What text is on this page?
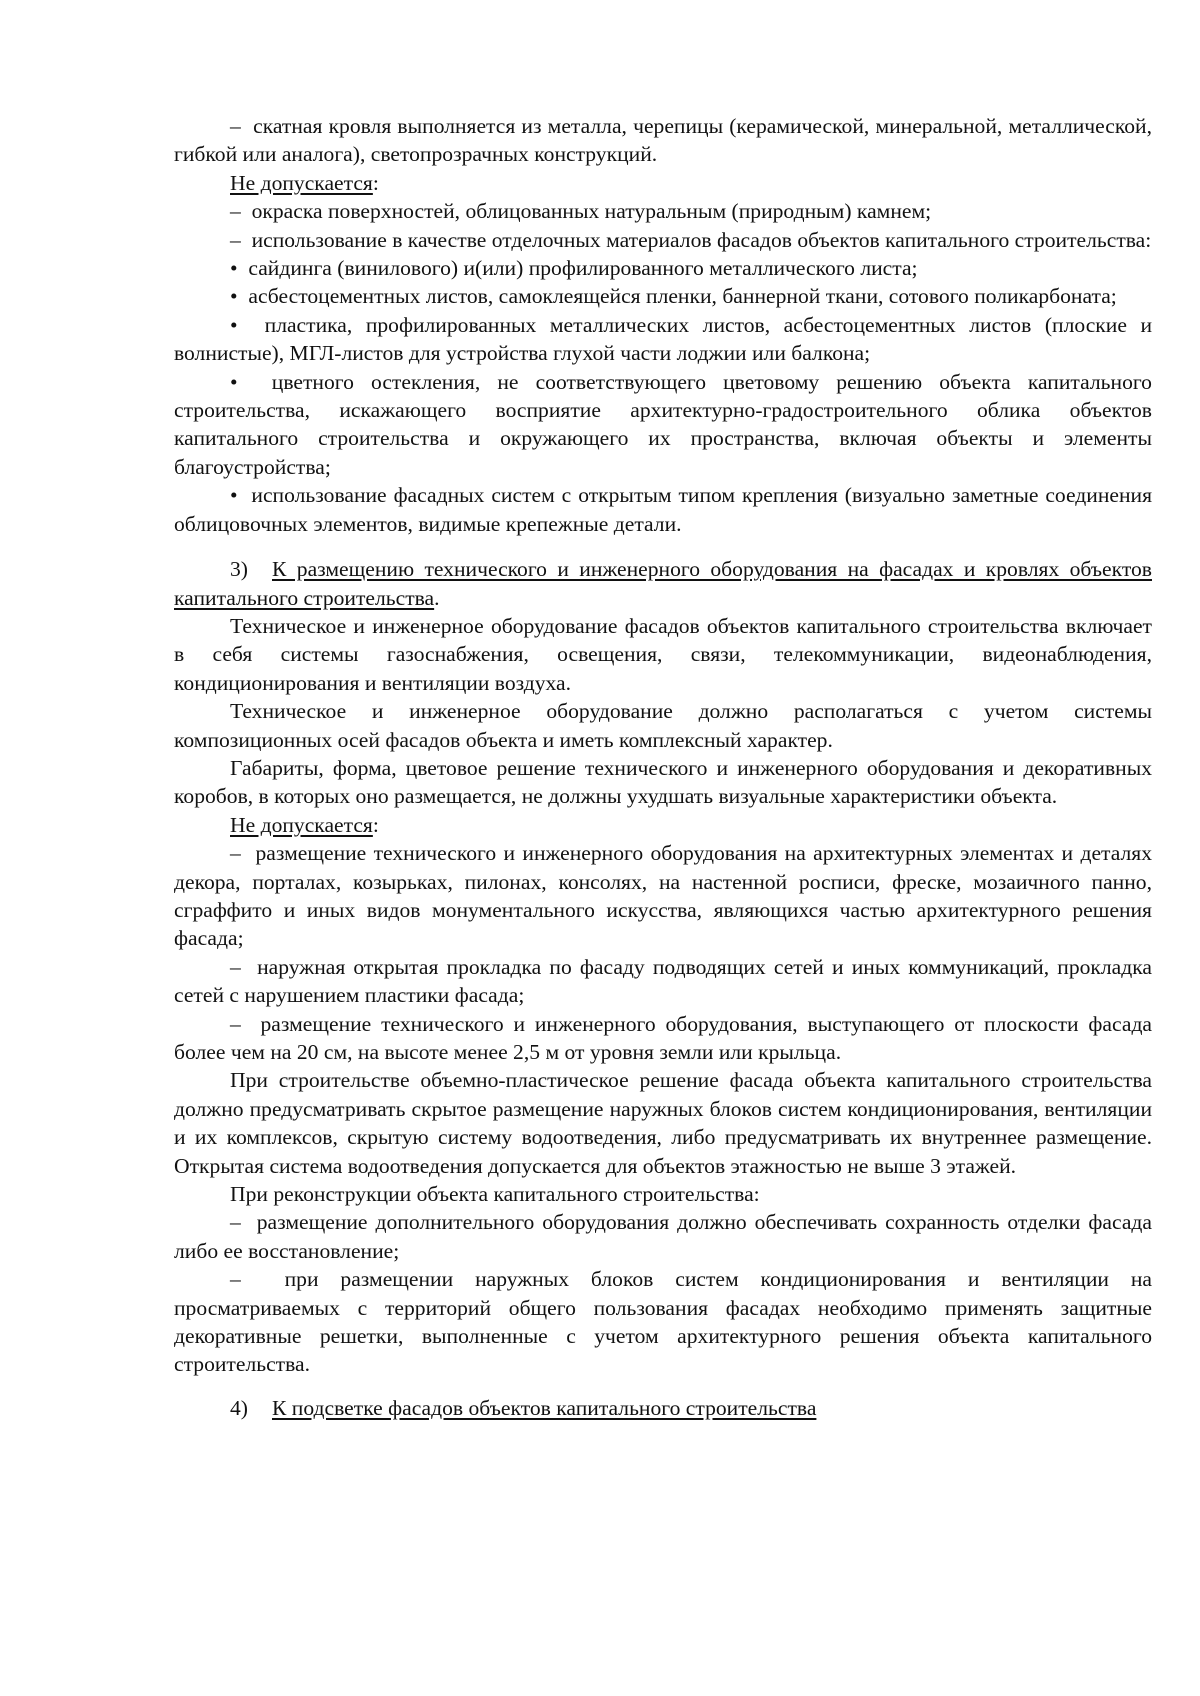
–  скатная кровля выполняется из металла, черепицы (керамической, минеральной, металлической, гибкой или аналога), светопрозрачных конструкций.

Не допускается:

–  окраска поверхностей, облицованных натуральным (природным) камнем;

–  использование в качестве отделочных материалов фасадов объектов капитального строительства:

•  сайдинга (винилового) и(или) профилированного металлического листа;

•  асбестоцементных листов, самоклеящейся пленки, баннерной ткани, сотового поликарбоната;

•  пластика, профилированных металлических листов, асбестоцементных листов (плоские и волнистые), МГЛ-листов для устройства глухой части лоджии или балкона;

•  цветного остекления, не соответствующего цветовому решению объекта капитального строительства, искажающего восприятие архитектурно-градостроительного облика объектов капитального строительства и окружающего их пространства, включая объекты и элементы благоустройства;

•  использование фасадных систем с открытым типом крепления (визуально заметные соединения облицовочных элементов, видимые крепежные детали.

3) К размещению технического и инженерного оборудования на фасадах и кровлях объектов капитального строительства.

Техническое и инженерное оборудование фасадов объектов капитального строительства включает в себя системы газоснабжения, освещения, связи, телекоммуникации, видеонаблюдения, кондиционирования и вентиляции воздуха.

Техническое и инженерное оборудование должно располагаться с учетом системы композиционных осей фасадов объекта и иметь комплексный характер.

Габариты, форма, цветовое решение технического и инженерного оборудования и декоративных коробов, в которых оно размещается, не должны ухудшать визуальные характеристики объекта.

Не допускается:

–  размещение технического и инженерного оборудования на архитектурных элементах и деталях декора, порталах, козырьках, пилонах, консолях, на настенной росписи, фреске, мозаичного панно, сграффито и иных видов монументального искусства, являющихся частью архитектурного решения фасада;

–  наружная открытая прокладка по фасаду подводящих сетей и иных коммуникаций, прокладка сетей с нарушением пластики фасада;

–  размещение технического и инженерного оборудования, выступающего от плоскости фасада более чем на 20 см, на высоте менее 2,5 м от уровня земли или крыльца.

При строительстве объемно-пластическое решение фасада объекта капитального строительства должно предусматривать скрытое размещение наружных блоков систем кондиционирования, вентиляции и их комплексов, скрытую систему водоотведения, либо предусматривать их внутреннее размещение. Открытая система водоотведения допускается для объектов этажностью не выше 3 этажей.

При реконструкции объекта капитального строительства:

–  размещение дополнительного оборудования должно обеспечивать сохранность отделки фасада либо ее восстановление;

–  при размещении наружных блоков систем кондиционирования и вентиляции на просматриваемых с территорий общего пользования фасадах необходимо применять защитные декоративные решетки, выполненные с учетом архитектурного решения объекта капитального строительства.

4) К подсветке фасадов объектов капитального строительства
